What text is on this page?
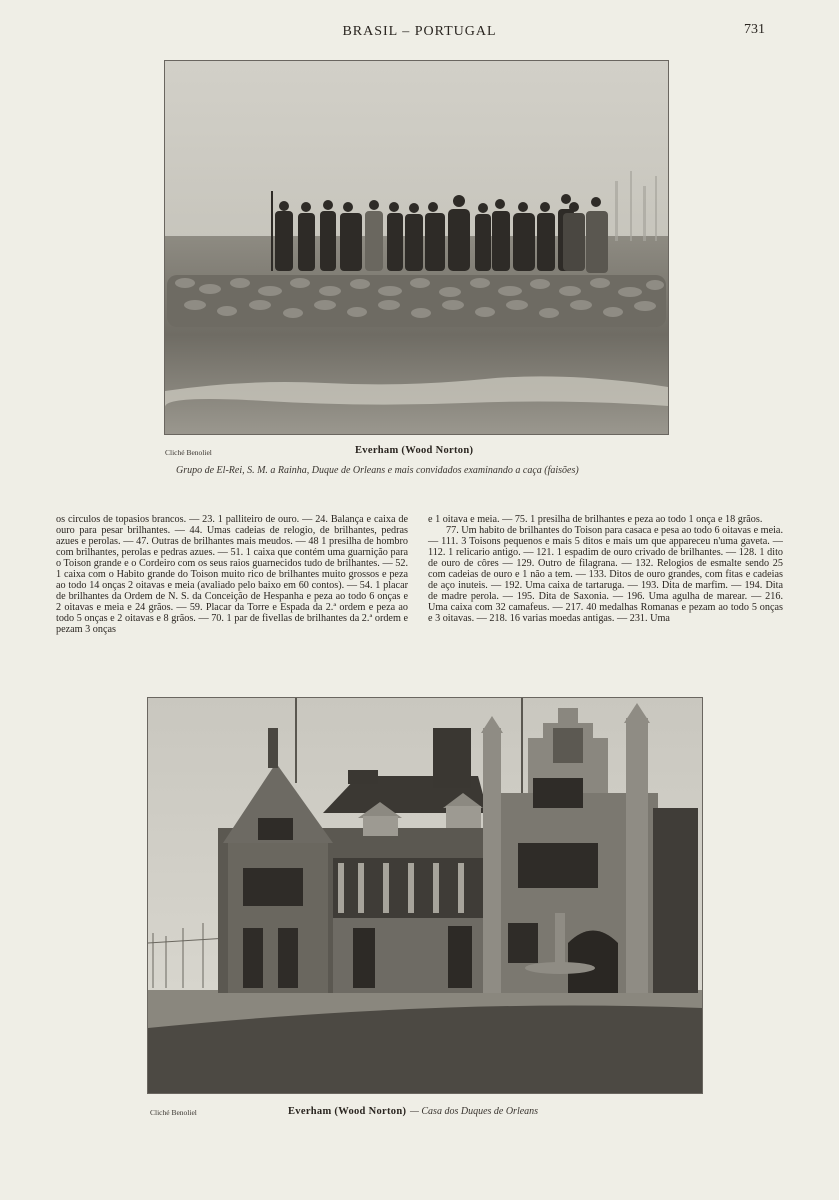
BRASIL – PORTUGAL	731
Cliché Benoliel	Everham (Wood Norton)
Grupo de El-Rei, S. M. a Rainha, Duque de Orleans e mais convidados examinando a caça (faisões)
os circulos de topasios brancos. — 23. 1 palliteiro de ouro. — 24. Balança e caixa de ouro para pesar brilhantes. — 44. Umas cadeias de relogio, de brilhantes, pedras azues e perolas. — 47. Outras de brilhantes mais meudos. — 48 1 presilha de hombro com brilhantes, perolas e pedras azues. — 51. 1 caixa que contém uma guarnição para o Toison grande e o Cordeiro com os seus raios guarnecidos tudo de brilhantes. — 52. 1 caixa com o Habito grande do Toison muito rico de brilhantes muito grossos e peza ao todo 14 onças 2 oitavas e meia (avaliado pelo baixo em 60 contos). — 54. 1 placar de brilhantes da Ordem de N. S. da Conceição de Hespanha e peza ao todo 6 onças e 2 oitavas e meia e 24 grãos. — 59. Placar da Torre e Espada da 2.ª ordem e peza ao todo 5 onças e 2 oitavas e 8 grãos. — 70. 1 par de fivellas de brilhantes da 2.ª ordem e pezam 3 onças
e 1 oitava e meia. — 75. 1 presilha de brilhantes e peza ao todo 1 onça e 18 grãos.
77. Um habito de brilhantes do Toison para casaca e pesa ao todo 6 oitavas e meia. — 111. 3 Toisons pequenos e mais 5 ditos e mais um que appareceu n'uma gaveta. — 112. 1 relicario antigo. — 121. 1 espadim de ouro crivado de brilhantes. — 128. 1 dito de ouro de côres — 129. Outro de filagrana. — 132. Relogios de esmalte sendo 25 com cadeias de ouro e 1 não a tem. — 133. Ditos de ouro grandes, com fitas e cadeias de aço inuteis. — 192. Uma caixa de tartaruga. — 193. Dita de marfim. — 194. Dita de madre perola. — 195. Dita de Saxonia. — 196. Uma agulha de marear. — 216. Uma caixa com 32 camafeus. — 217. 40 medalhas Romanas e pezam ao todo 5 onças e 3 oitavas. — 218. 16 varias moedas antigas. — 231. Uma
Cliché Benoliel	Everham (Wood Norton) — Casa dos Duques de Orleans
